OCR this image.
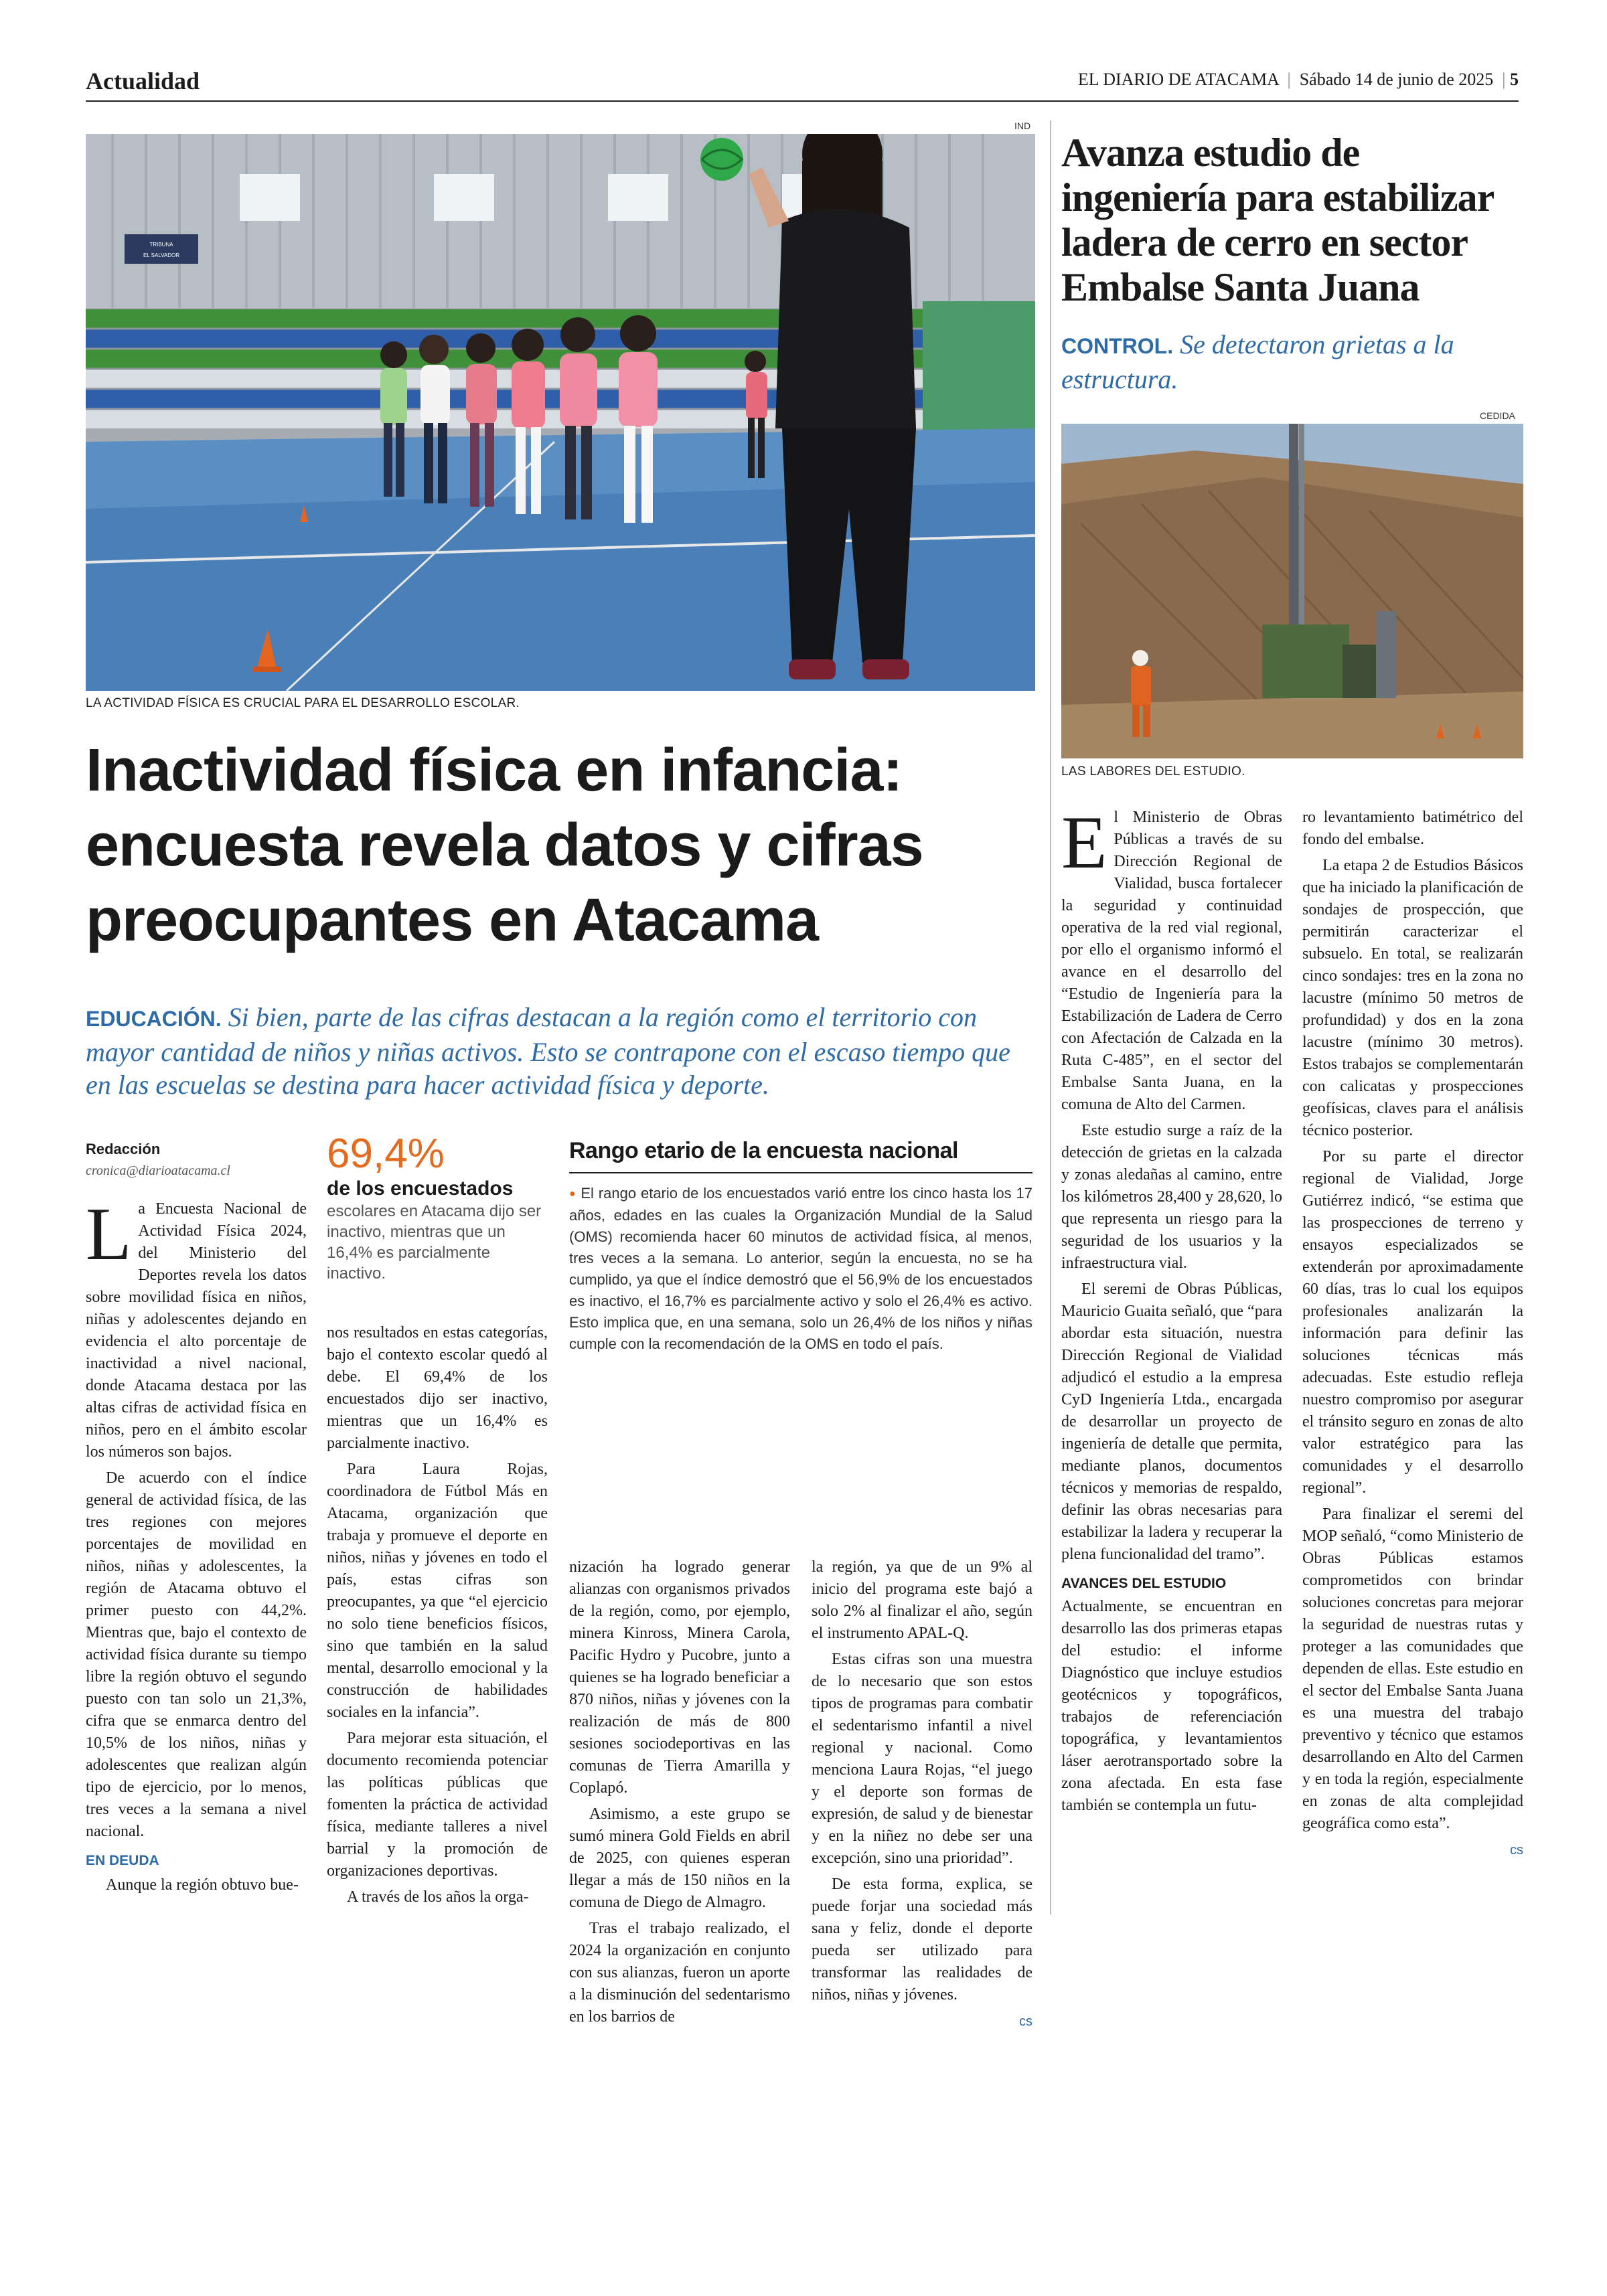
Actualidad	EL DIARIO DE ATACAMA  |  Sábado 14 de junio de 2025  | 5
IND
TRIBUNA
EL SALVADOR
LA ACTIVIDAD FÍSICA ES CRUCIAL PARA EL DESARROLLO ESCOLAR.
Inactividad física en infancia:
encuesta revela datos y cifras
preocupantes en Atacama
EDUCACIÓN. Si bien, parte de las cifras destacan a la región como el territorio con mayor cantidad de niños y niñas activos. Esto se contrapone con el escaso tiempo que en las escuelas se destina para hacer actividad física y deporte.
Redacción
cronica@diarioatacama.cl

La Encuesta Nacional de Actividad Física 2024, del Ministerio del Deportes revela los datos sobre movilidad física en niños, niñas y adolescentes dejando en evidencia el alto porcentaje de inactividad a nivel nacional, donde Atacama destaca por las altas cifras de actividad física en niños, pero en el ámbito escolar los números son bajos.

De acuerdo con el índice general de actividad física, de las tres regiones con mejores porcentajes de movilidad en niños, niñas y adolescentes, la región de Atacama obtuvo el primer puesto con 44,2%. Mientras que, bajo el contexto de actividad física durante su tiempo libre la región obtuvo el segundo puesto con tan solo un 21,3%, cifra que se enmarca dentro del 10,5% de los niños, niñas y adolescentes que realizan algún tipo de ejercicio, por lo menos, tres veces a la semana a nivel nacional.

EN DEUDA

Aunque la región obtuvo bue-

69,4%
de los encuestados
escolares en Atacama dijo ser inactivo, mientras que un 16,4% es parcialmente inactivo.

nos resultados en estas categorías, bajo el contexto escolar quedó al debe. El 69,4% de los encuestados dijo ser inactivo, mientras que un 16,4% es parcialmente inactivo.

Para Laura Rojas, coordinadora de Fútbol Más en Atacama, organización que trabaja y promueve el deporte en niños, niñas y jóvenes en todo el país, estas cifras son preocupantes, ya que “el ejercicio no solo tiene beneficios físicos, sino que también en la salud mental, desarrollo emocional y la construcción de habilidades sociales en la infancia”.

Para mejorar esta situación, el documento recomienda potenciar las políticas públicas que fomenten la práctica de actividad física, mediante talleres a nivel barrial y la promoción de organizaciones deportivas.

A través de los años la orga-

Rango etario de la encuesta nacional
● El rango etario de los encuestados varió entre los cinco hasta los 17 años, edades en las cuales la Organización Mundial de la Salud (OMS) recomienda hacer 60 minutos de actividad física, al menos, tres veces a la semana. Lo anterior, según la encuesta, no se ha cumplido, ya que el índice demostró que el 56,9% de los encuestados es inactivo, el 16,7% es parcialmente activo y solo el 26,4% es activo. Esto implica que, en una semana, solo un 26,4% de los niños y niñas cumple con la recomendación de la OMS en todo el país.

nización ha logrado generar alianzas con organismos privados de la región, como, por ejemplo, minera Kinross, Minera Carola, Pacific Hydro y Pucobre, junto a quienes se ha logrado beneficiar a 870 niños, niñas y jóvenes con la realización de más de 800 sesiones sociodeportivas en las comunas de Tierra Amarilla y Coplapó.

Asimismo, a este grupo se sumó minera Gold Fields en abril de 2025, con quienes esperan llegar a más de 150 niños en la comuna de Diego de Almagro.

Tras el trabajo realizado, el 2024 la organización en conjunto con sus alianzas, fueron un aporte a la disminución del sedentarismo en los barrios de

la región, ya que de un 9% al inicio del programa este bajó a solo 2% al finalizar el año, según el instrumento APAL-Q.

Estas cifras son una muestra de lo necesario que son estos tipos de programas para combatir el sedentarismo infantil a nivel regional y nacional. Como menciona Laura Rojas, “el juego y el deporte son formas de expresión, de salud y de bienestar y en la niñez no debe ser una excepción, sino una prioridad”.

De esta forma, explica, se puede forjar una sociedad más sana y feliz, donde el deporte pueda ser utilizado para transformar las realidades de niños, niñas y jóvenes.

cs
Avanza estudio de
ingeniería para estabilizar
ladera de cerro en sector
Embalse Santa Juana
CONTROL. Se detectaron grietas a la estructura.
CEDIDA
LAS LABORES DEL ESTUDIO.

El Ministerio de Obras Públicas a través de su Dirección Regional de Vialidad, busca fortalecer la seguridad y continuidad operativa de la red vial regional, por ello el organismo informó el avance en el desarrollo del “Estudio de Ingeniería para la Estabilización de Ladera de Cerro con Afectación de Calzada en la Ruta C-485”, en el sector del Embalse Santa Juana, en la comuna de Alto del Carmen.

Este estudio surge a raíz de la detección de grietas en la calzada y zonas aledañas al camino, entre los kilómetros 28,400 y 28,620, lo que representa un riesgo para la seguridad de los usuarios y la infraestructura vial.

El seremi de Obras Públicas, Mauricio Guaita señaló, que “para abordar esta situación, nuestra Dirección Regional de Vialidad adjudicó el estudio a la empresa CyD Ingeniería Ltda., encargada de desarrollar un proyecto de ingeniería de detalle que permita, mediante planos, documentos técnicos y memorias de respaldo, definir las obras necesarias para estabilizar la ladera y recuperar la plena funcionalidad del tramo”.

AVANCES DEL ESTUDIO

Actualmente, se encuentran en desarrollo las dos primeras etapas del estudio: el informe Diagnóstico que incluye estudios geotécnicos y topográficos, trabajos de referenciación topográfica, y levantamientos láser aerotransportado sobre la zona afectada. En esta fase también se contempla un futu-

ro levantamiento batimétrico del fondo del embalse.

La etapa 2 de Estudios Básicos que ha iniciado la planificación de sondajes de prospección, que permitirán caracterizar el subsuelo. En total, se realizarán cinco sondajes: tres en la zona no lacustre (mínimo 50 metros de profundidad) y dos en la zona lacustre (mínimo 30 metros). Estos trabajos se complementarán con calicatas y prospecciones geofísicas, claves para el análisis técnico posterior.

Por su parte el director regional de Vialidad, Jorge Gutiérrez indicó, “se estima que las prospecciones de terreno y ensayos especializados se extenderán por aproximadamente 60 días, tras lo cual los equipos profesionales analizarán la información para definir las soluciones técnicas más adecuadas. Este estudio refleja nuestro compromiso por asegurar el tránsito seguro en zonas de alto valor estratégico para las comunidades y el desarrollo regional”.

Para finalizar el seremi del MOP señaló, “como Ministerio de Obras Públicas estamos comprometidos con brindar soluciones concretas para mejorar la seguridad de nuestras rutas y proteger a las comunidades que dependen de ellas. Este estudio en el sector del Embalse Santa Juana es una muestra del trabajo preventivo y técnico que estamos desarrollando en Alto del Carmen y en toda la región, especialmente en zonas de alta complejidad geográfica como esta”.

cs
